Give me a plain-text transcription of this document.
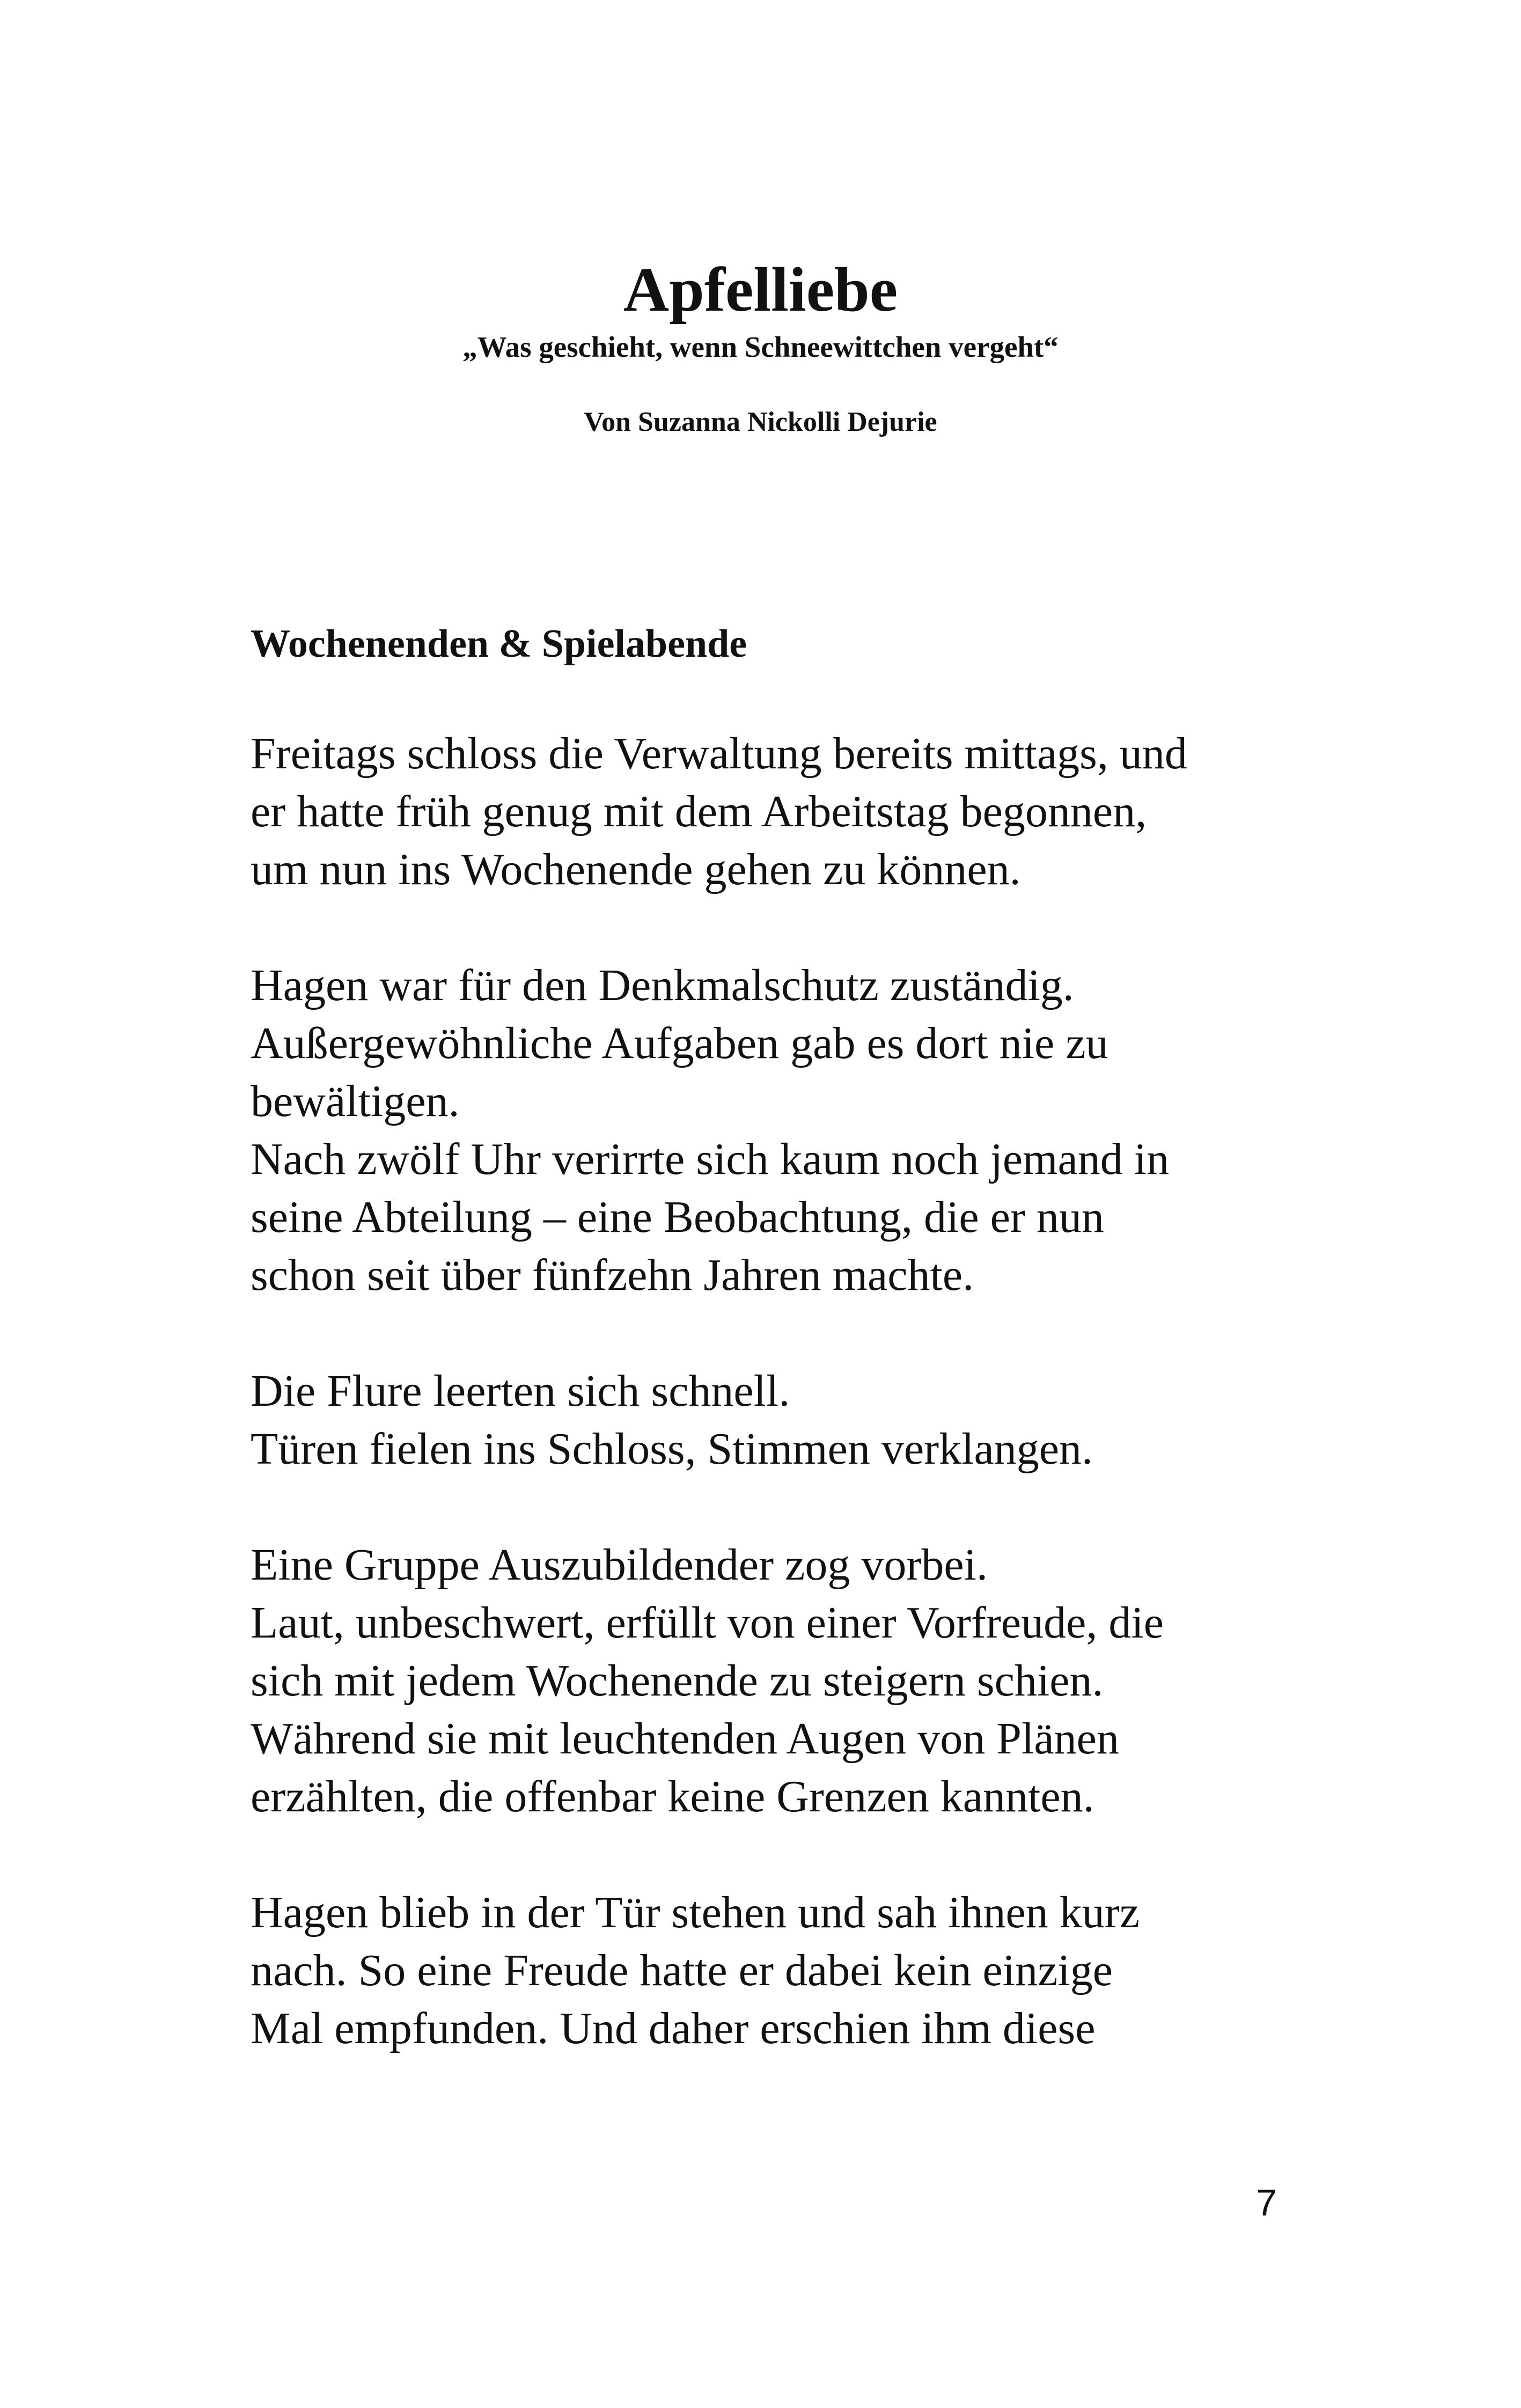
Apfelliebe
„Was geschieht, wenn Schneewittchen vergeht“
Von Suzanna Nickolli Dejurie
Wochenenden & Spielabende
Freitags schloss die Verwaltung bereits mittags, und
er hatte früh genug mit dem Arbeitstag begonnen,
um nun ins Wochenende gehen zu können.
Hagen war für den Denkmalschutz zuständig.
Außergewöhnliche Aufgaben gab es dort nie zu
bewältigen.
Nach zwölf Uhr verirrte sich kaum noch jemand in
seine Abteilung – eine Beobachtung, die er nun
schon seit über fünfzehn Jahren machte.
Die Flure leerten sich schnell.
Türen fielen ins Schloss, Stimmen verklangen.
Eine Gruppe Auszubildender zog vorbei.
Laut, unbeschwert, erfüllt von einer Vorfreude, die
sich mit jedem Wochenende zu steigern schien.
Während sie mit leuchtenden Augen von Plänen
erzählten, die offenbar keine Grenzen kannten.
Hagen blieb in der Tür stehen und sah ihnen kurz
nach. So eine Freude hatte er dabei kein einzige
Mal empfunden. Und daher erschien ihm diese
7
